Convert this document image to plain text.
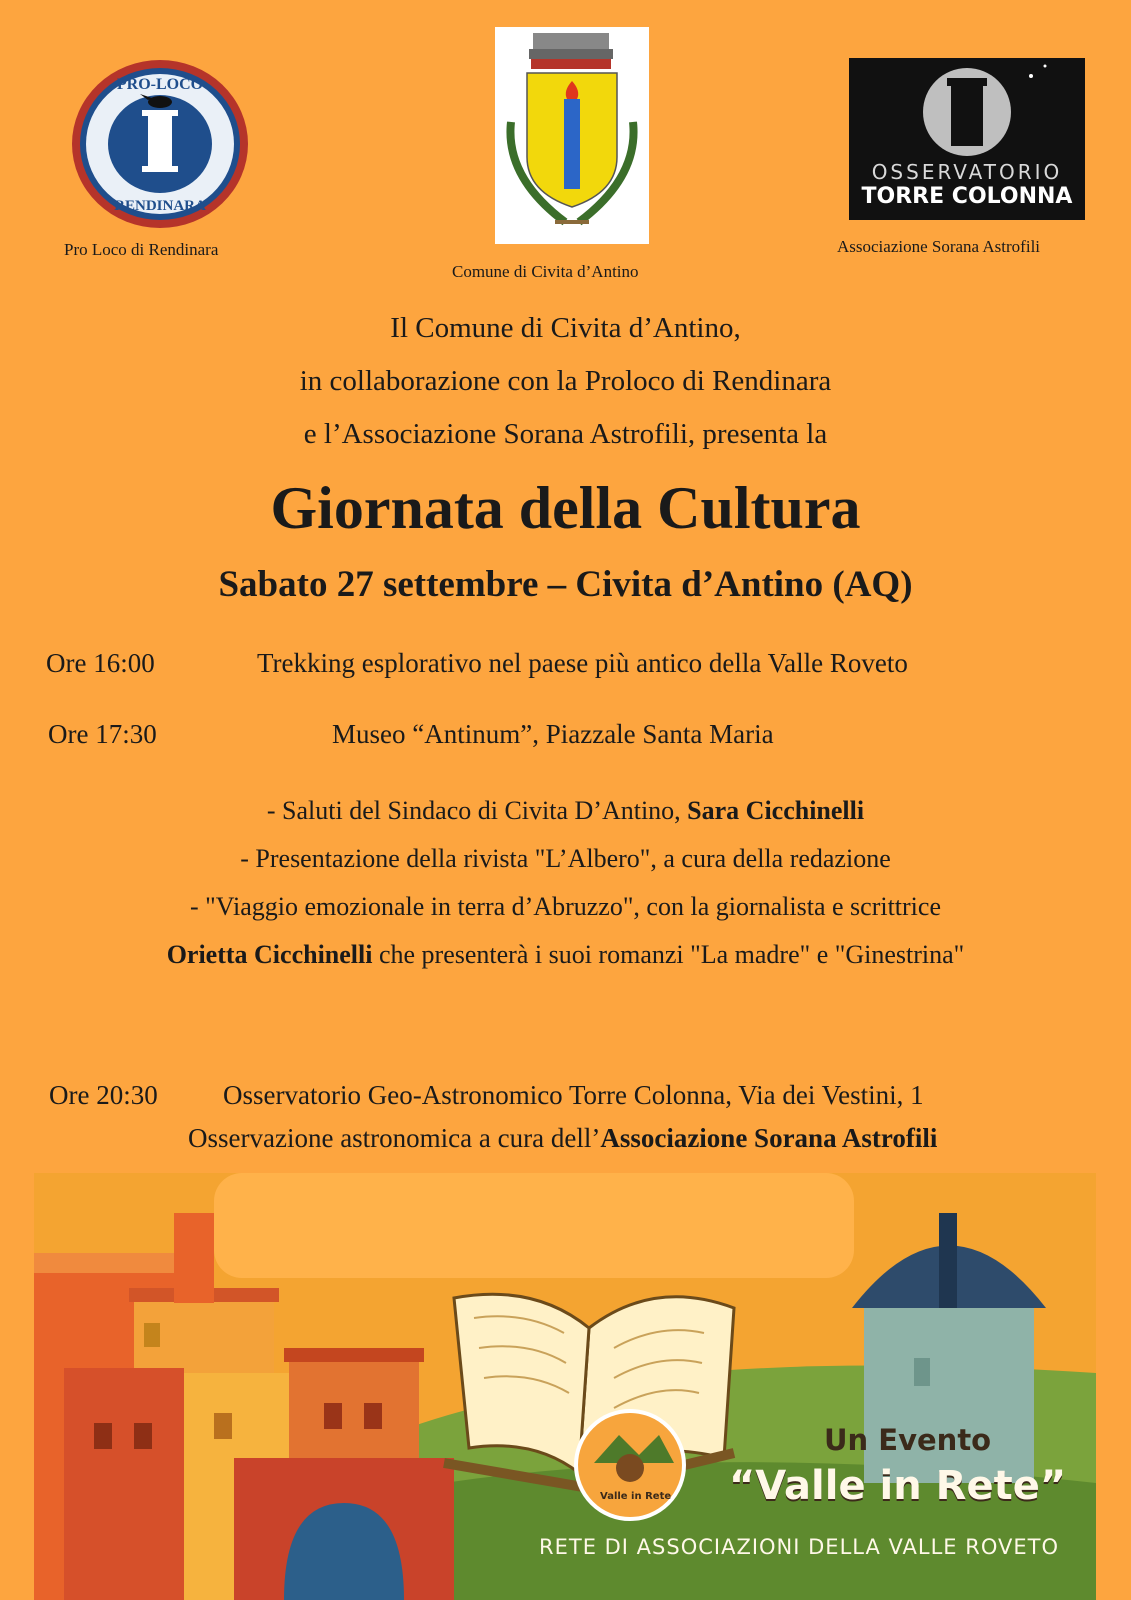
PRO-LOCO
RENDINARA
Pro Loco di Rendinara
Comune di Civita d’Antino
OSSERVATORIO
TORRE COLONNA
Associazione Sorana Astrofili
Il Comune di Civita d’Antino,
in collaborazione con la Proloco di Rendinara
e l’Associazione Sorana Astrofili, presenta la
Giornata della Cultura
Sabato 27 settembre – Civita d’Antino (AQ)
Ore 16:00	Trekking esplorativo nel paese più antico della Valle Roveto
Ore 17:30	Museo “Antinum”, Piazzale Santa Maria
- Saluti del Sindaco di Civita D’Antino, Sara Cicchinelli
- Presentazione della rivista "L’Albero", a cura della redazione
- "Viaggio emozionale in terra d’Abruzzo", con la giornalista e scrittrice
Orietta Cicchinelli che presenterà i suoi romanzi "La madre" e "Ginestrina"
Ore 20:30 Osservatorio Geo-Astronomico Torre Colonna, Via dei Vestini, 1
Osservazione astronomica a cura dell’Associazione Sorana Astrofili
Valle in Rete
Un Evento
“Valle in Rete”
RETE DI ASSOCIAZIONI DELLA VALLE ROVETO
